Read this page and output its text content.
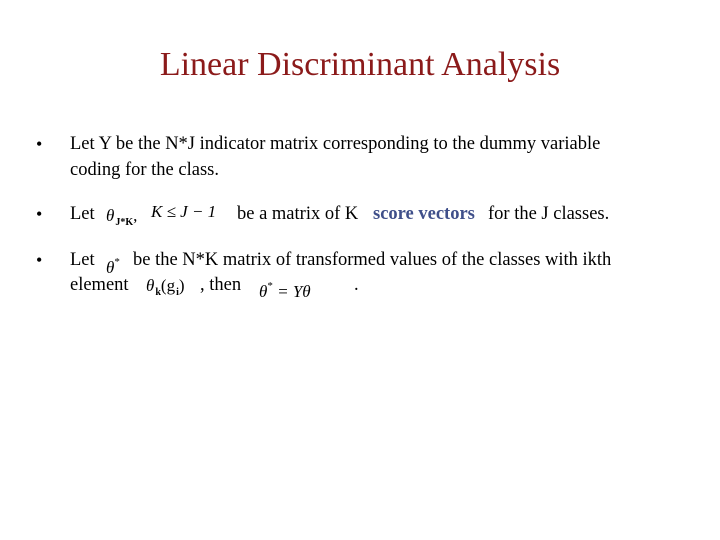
Linear Discriminant Analysis
• Let Y be the N*J indicator matrix corresponding to the dummy variable
coding for the class.
• Let $\theta_{J*K}$, K ≤ J − 1 be a matrix of K score vectors for the J classes.
• Let θ* be the N*K matrix of transformed values of the classes with ikth
element $\theta_k(g_i)$ , then θ* = Yθ .
